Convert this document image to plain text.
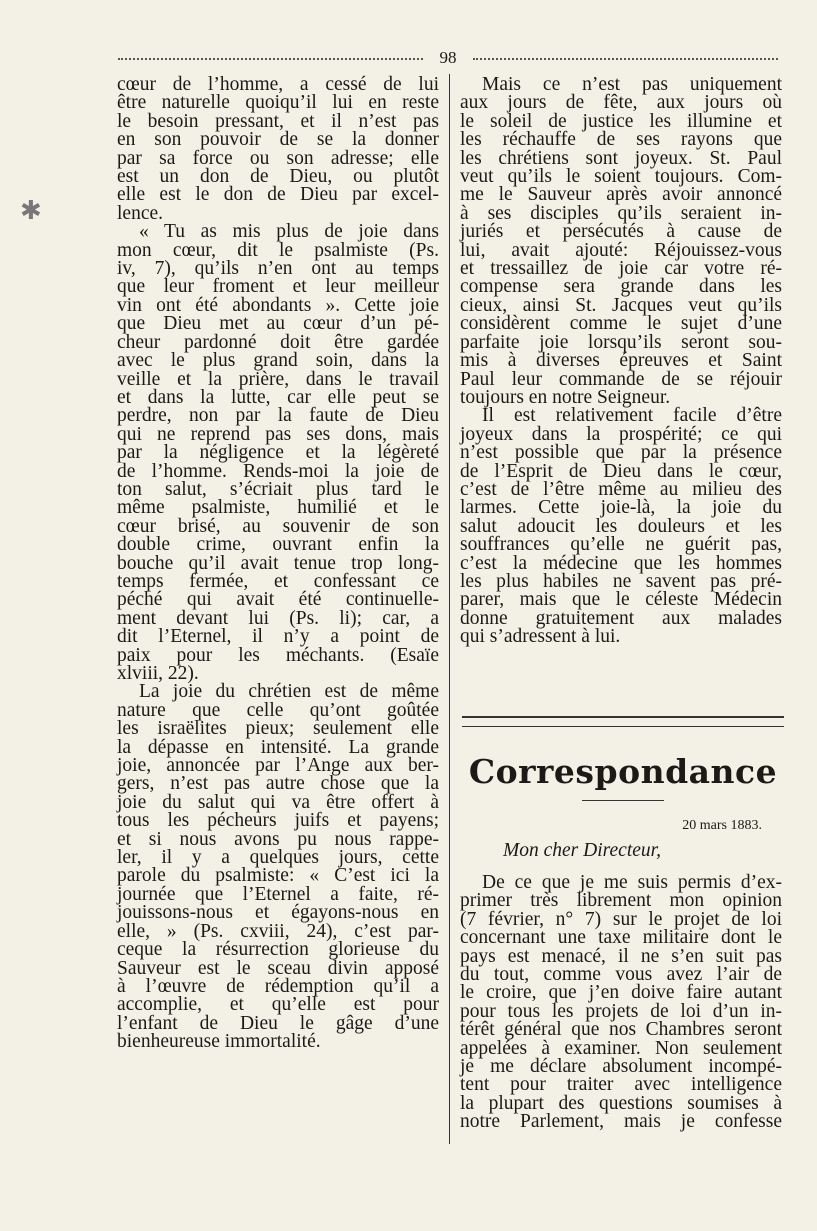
98
✱
cœur de l’homme, a cessé de lui
être naturelle quoiqu’il lui en reste
le besoin pressant, et il n’est pas
en son pouvoir de se la donner
par sa force ou son adresse; elle
est un don de Dieu, ou plutôt
elle est le don de Dieu par excel-
lence.
« Tu as mis plus de joie dans
mon cœur, dit le psalmiste (Ps.
iv, 7), qu’ils n’en ont au temps
que leur froment et leur meilleur
vin ont été abondants ». Cette joie
que Dieu met au cœur d’un pé-
cheur pardonné doit être gardée
avec le plus grand soin, dans la
veille et la prière, dans le travail
et dans la lutte, car elle peut se
perdre, non par la faute de Dieu
qui ne reprend pas ses dons, mais
par la négligence et la légèreté
de l’homme. Rends-moi la joie de
ton salut, s’écriait plus tard le
même psalmiste, humilié et le
cœur brisé, au souvenir de son
double crime, ouvrant enfin la
bouche qu’il avait tenue trop long-
temps fermée, et confessant ce
péché qui avait été continuelle-
ment devant lui (Ps. li); car, a
dit l’Eternel, il n’y a point de
paix pour les méchants. (Esaïe
xlviii, 22).
La joie du chrétien est de même
nature que celle qu’ont goûtée
les israëlites pieux; seulement elle
la dépasse en intensité. La grande
joie, annoncée par l’Ange aux ber-
gers, n’est pas autre chose que la
joie du salut qui va être offert à
tous les pécheurs juifs et payens;
et si nous avons pu nous rappe-
ler, il y a quelques jours, cette
parole du psalmiste: « C’est ici la
journée que l’Eternel a faite, ré-
jouissons-nous et égayons-nous en
elle, » (Ps. cxviii, 24), c’est par-
ceque la résurrection glorieuse du
Sauveur est le sceau divin apposé
à l’œuvre de rédemption qu’il a
accomplie, et qu’elle est pour
l’enfant de Dieu le gâge d’une
bienheureuse immortalité.
Mais ce n’est pas uniquement
aux jours de fête, aux jours où
le soleil de justice les illumine et
les réchauffe de ses rayons que
les chrétiens sont joyeux. St. Paul
veut qu’ils le soient toujours. Com-
me le Sauveur après avoir annoncé
à ses disciples qu’ils seraient in-
juriés et persécutés à cause de
lui, avait ajouté: Réjouissez-vous
et tressaillez de joie car votre ré-
compense sera grande dans les
cieux, ainsi St. Jacques veut qu’ils
considèrent comme le sujet d’une
parfaite joie lorsqu’ils seront sou-
mis à diverses épreuves et Saint
Paul leur commande de se réjouir
toujours en notre Seigneur.
Il est relativement facile d’être
joyeux dans la prospérité; ce qui
n’est possible que par la présence
de l’Esprit de Dieu dans le cœur,
c’est de l’être même au milieu des
larmes. Cette joie-là, la joie du
salut adoucit les douleurs et les
souffrances qu’elle ne guérit pas,
c’est la médecine que les hommes
les plus habiles ne savent pas pré-
parer, mais que le céleste Médecin
donne gratuitement aux malades
qui s’adressent à lui.
Correspondance
20 mars 1883.
Mon cher Directeur,
De ce que je me suis permis d’ex-
primer très librement mon opinion
(7 février, n° 7) sur le projet de loi
concernant une taxe militaire dont le
pays est menacé, il ne s’en suit pas
du tout, comme vous avez l’air de
le croire, que j’en doive faire autant
pour tous les projets de loi d’un in-
térêt général que nos Chambres seront
appelées à examiner. Non seulement
je me déclare absolument incompé-
tent pour traiter avec intelligence
la plupart des questions soumises à
notre Parlement, mais je confesse
